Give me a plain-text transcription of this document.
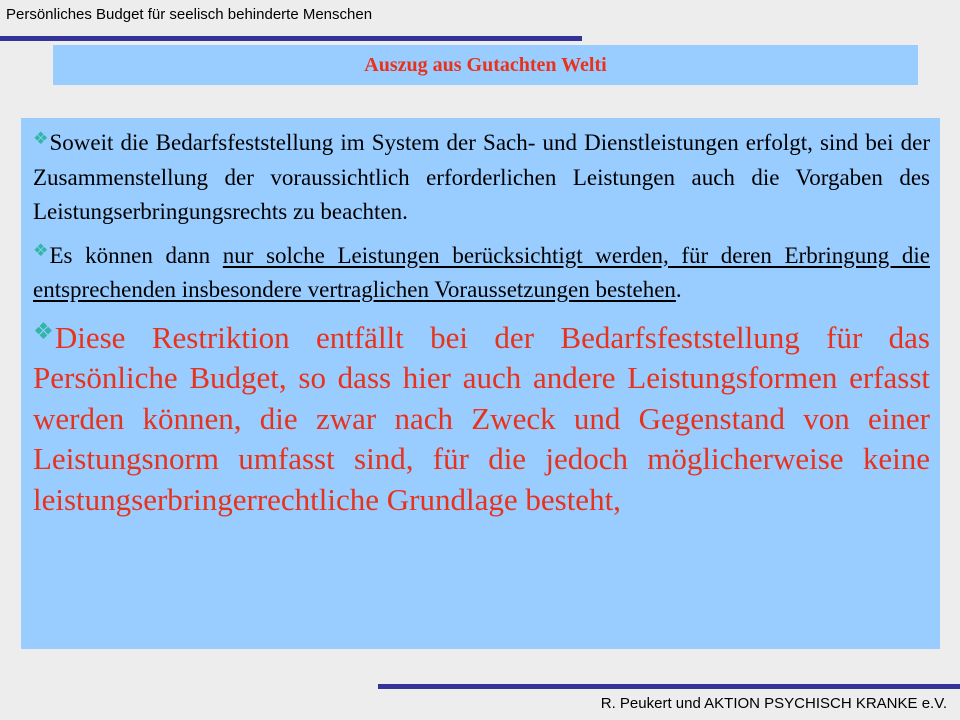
Persönliches Budget für seelisch behinderte Menschen
Auszug aus Gutachten Welti

❖Soweit die Bedarfsfeststellung im System der Sach- und Dienstleistungen erfolgt, sind bei der Zusammenstellung der voraussichtlich erforderlichen Leistungen auch die Vorgaben des Leistungserbringungsrechts zu beachten.

❖Es können dann nur solche Leistungen berücksichtigt werden, für deren Erbringung die entsprechenden insbesondere vertraglichen Voraussetzungen bestehen.

❖Diese Restriktion entfällt bei der Bedarfsfeststellung für das Persönliche Budget, so dass hier auch andere Leistungsformen erfasst werden können, die zwar nach Zweck und Gegenstand von einer Leistungsnorm umfasst sind, für die jedoch möglicherweise keine leistungserbringerrechtliche Grundlage besteht,

R. Peukert und AKTION PSYCHISCH KRANKE e.V.
